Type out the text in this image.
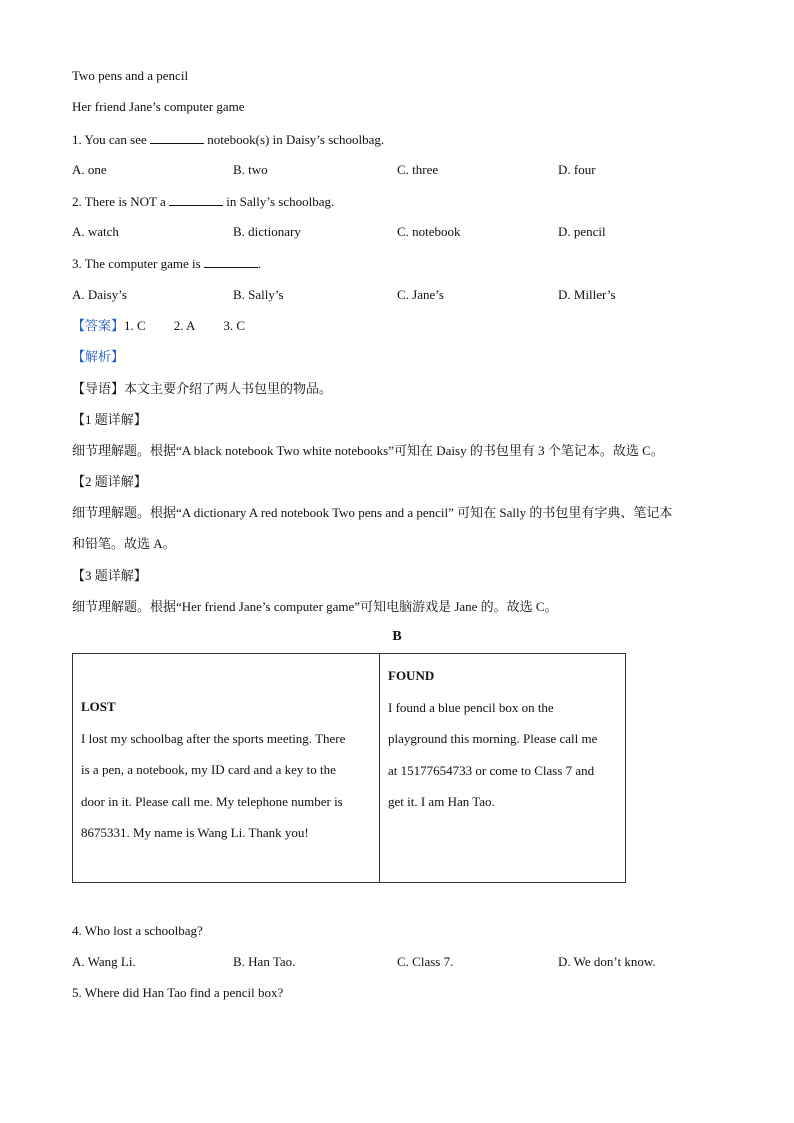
Two pens and a pencil
Her friend Jane’s computer game
1. You can see	notebook(s) in Daisy’s schoolbag.
A. one	B. two	C. three	D. four
2. There is NOT a	in Sally’s schoolbag.
A. watch	B. dictionary	C. notebook	D. pencil
3. The computer game is	.
A. Daisy’s	B. Sally’s	C. Jane’s	D. Miller’s
【答案】1. C 2. A 3. C
【解析】
【导语】本文主要介绍了两人书包里的物品。
【1 题详解】
细节理解题。根据“A black notebook Two white notebooks”可知在 Daisy 的书包里有 3 个笔记本。故选 C。
【2 题详解】
细节理解题。根据“A dictionary A red notebook Two pens and a pencil” 可知在 Sally 的书包里有字典、笔记本
和铅笔。故选 A。
【3 题详解】
细节理解题。根据“Her friend Jane’s computer game”可知电脑游戏是 Jane 的。故选 C。
B
LOST
I lost my schoolbag after the sports meeting. There
is a pen, a notebook, my ID card and a key to the
door in it. Please call me. My telephone number is
8675331. My name is Wang Li. Thank you!

FOUND
I found a blue pencil box on the
playground this morning. Please call me
at 15177654733 or come to Class 7 and
get it. I am Han Tao.
4. Who lost a schoolbag?
A. Wang Li.	B. Han Tao.	C. Class 7.	D. We don’t know.
5. Where did Han Tao find a pencil box?
